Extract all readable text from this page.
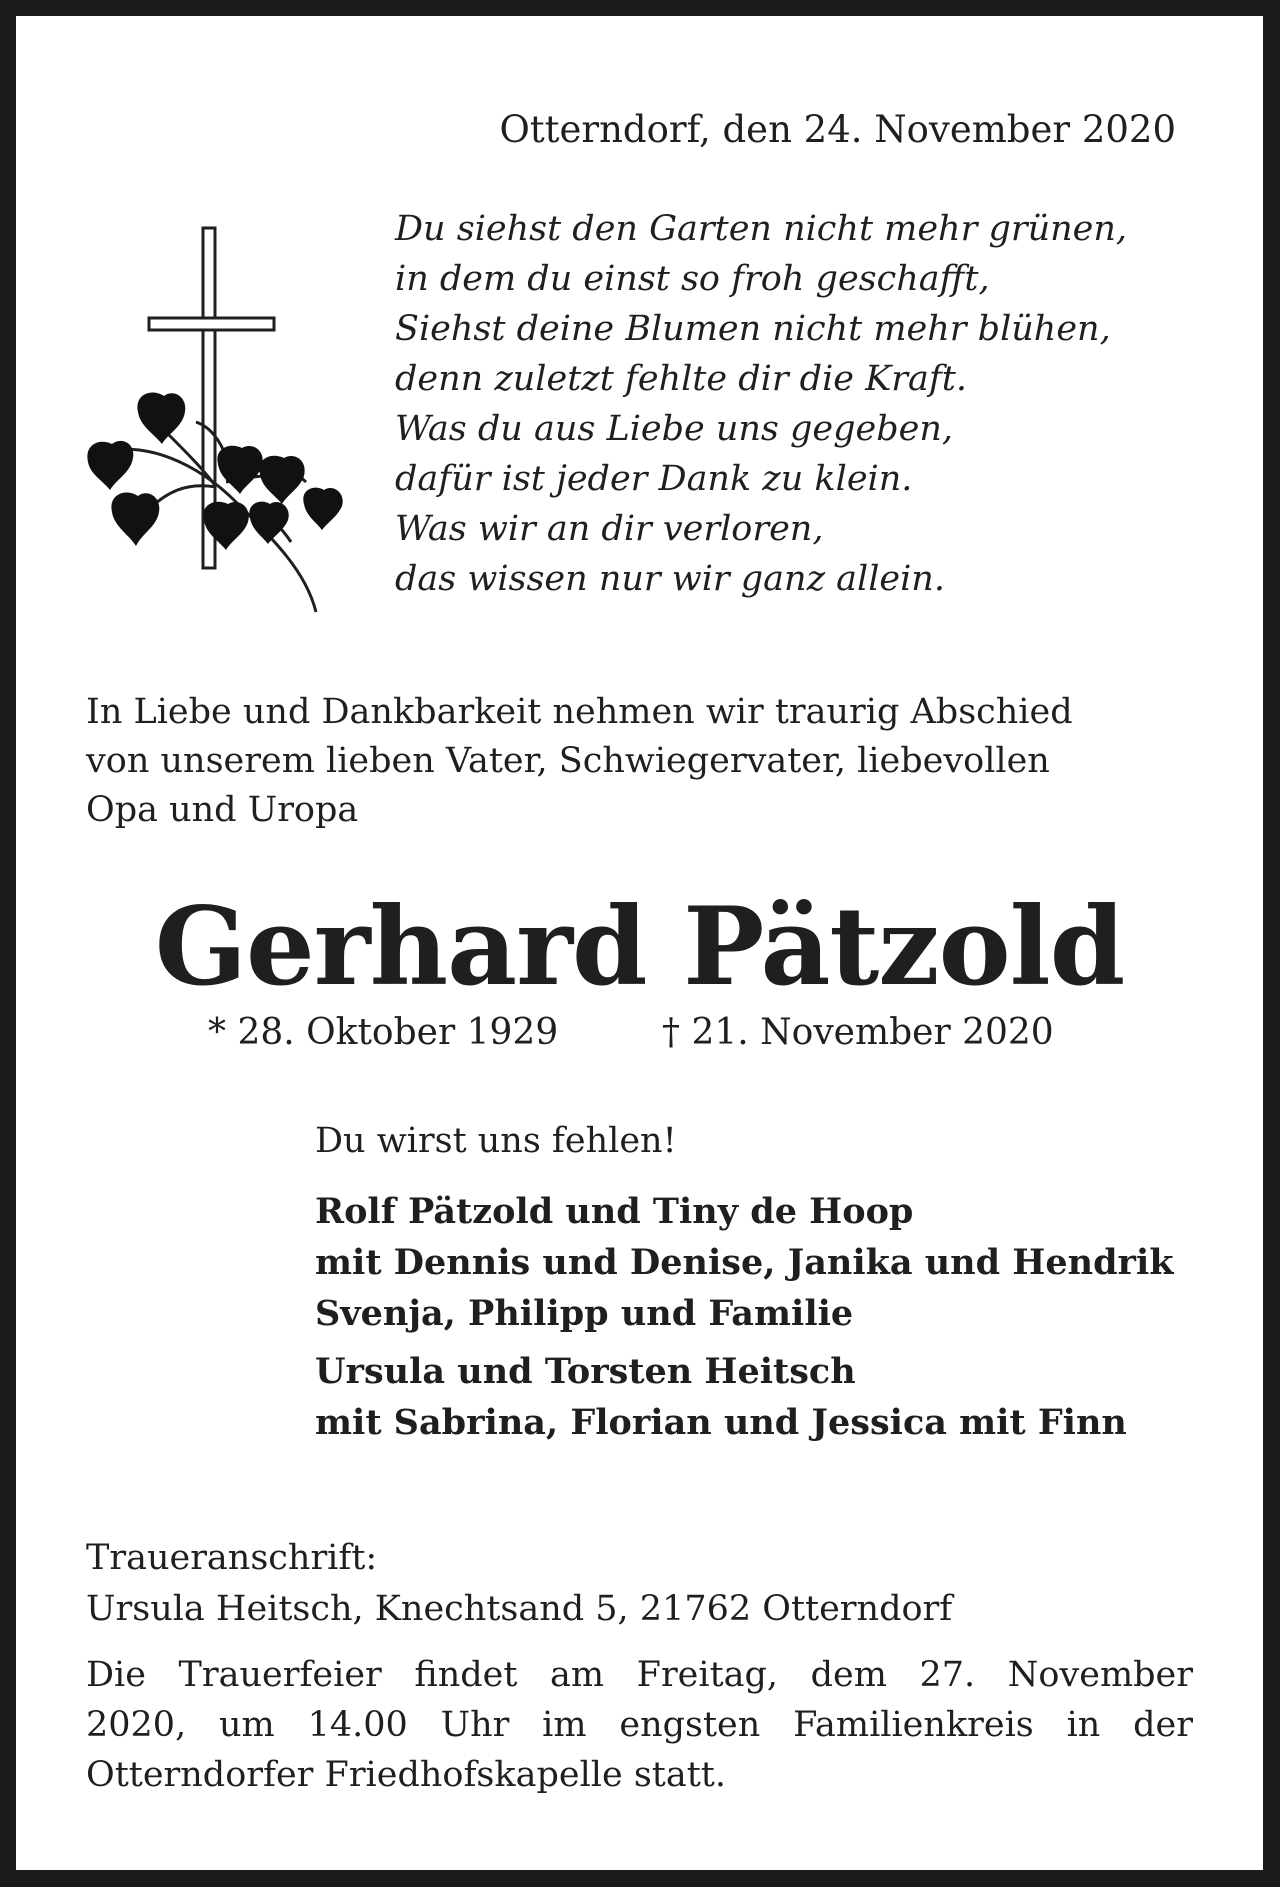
Otterndorf, den 24. November 2020
Du siehst den Garten nicht mehr grünen,
in dem du einst so froh geschafft,
Siehst deine Blumen nicht mehr blühen,
denn zuletzt fehlte dir die Kraft.
Was du aus Liebe uns gegeben,
dafür ist jeder Dank zu klein.
Was wir an dir verloren,
das wissen nur wir ganz allein.
In Liebe und Dankbarkeit nehmen wir traurig Abschied
von unserem lieben Vater, Schwiegervater, liebevollen
Opa und Uropa
Gerhard Pätzold
* 28. Oktober 1929	† 21. November 2020
Du wirst uns fehlen!
Rolf Pätzold und Tiny de Hoop
mit Dennis und Denise, Janika und Hendrik
Svenja, Philipp und Familie
Ursula und Torsten Heitsch
mit Sabrina, Florian und Jessica mit Finn
Traueranschrift:
Ursula Heitsch, Knechtsand 5, 21762 Otterndorf
Die Trauerfeier findet am Freitag, dem 27. November
2020, um 14.00 Uhr im engsten Familienkreis in der
Otterndorfer Friedhofskapelle statt.
